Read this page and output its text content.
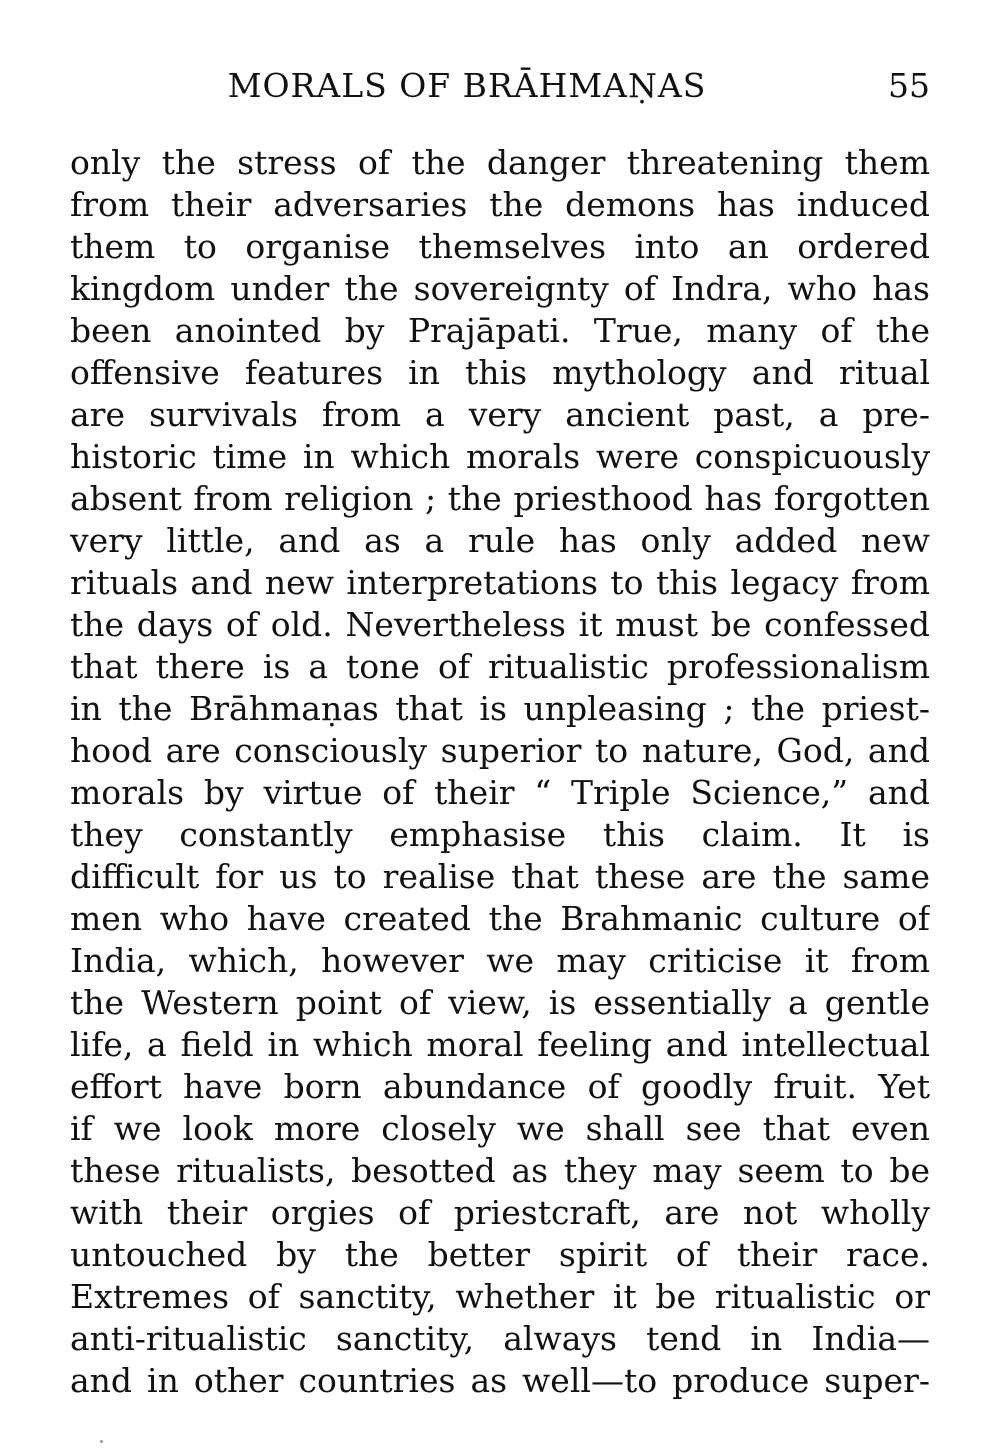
MORALS OF BRĀHMAṆAS	55
only the stress of the danger threatening them
from their adversaries the demons has induced
them to organise themselves into an ordered
kingdom under the sovereignty of Indra, who has
been anointed by Prajāpati. True, many of the
offensive features in this mythology and ritual
are survivals from a very ancient past, a pre-
historic time in which morals were conspicuously
absent from religion ; the priesthood has forgotten
very little, and as a rule has only added new
rituals and new interpretations to this legacy from
the days of old. Nevertheless it must be confessed
that there is a tone of ritualistic professionalism
in the Brāhmaṇas that is unpleasing ; the priest-
hood are consciously superior to nature, God, and
morals by virtue of their “ Triple Science,” and
they constantly emphasise this claim. It is
difficult for us to realise that these are the same
men who have created the Brahmanic culture of
India, which, however we may criticise it from
the Western point of view, is essentially a gentle
life, a field in which moral feeling and intellectual
effort have born abundance of goodly fruit. Yet
if we look more closely we shall see that even
these ritualists, besotted as they may seem to be
with their orgies of priestcraft, are not wholly
untouched by the better spirit of their race.
Extremes of sanctity, whether it be ritualistic or
anti-ritualistic sanctity, always tend in India—
and in other countries as well—to produce super-
